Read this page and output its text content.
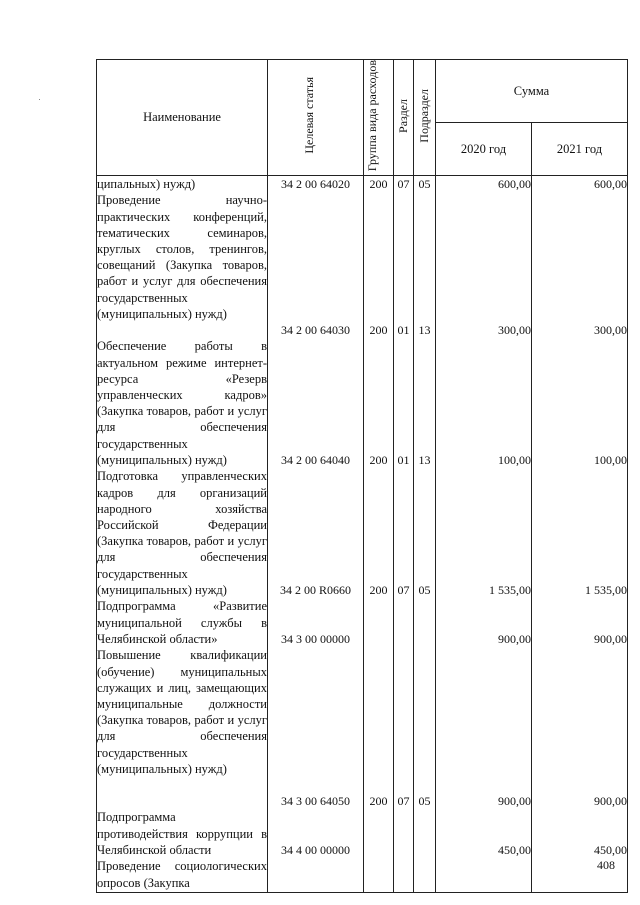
Наименование	Целевая статья	Группа вида расходов	Раздел	Подраздел	Сумма	
					2020 год	2021 год

ципальных) нужд)	34 2 00 64020	200	07	05	600,00	600,00

Проведение научно-практических конференций, тематических семинаров, круглых столов, тренингов, совещаний (Закупка товаров, работ и услуг для обеспечения государственных (муниципальных) нужд)	34 2 00 64030	200	01	13	300,00	300,00

Обеспечение работы в актуальном режиме интернет-ресурса «Резерв управленческих кадров» (Закупка товаров, работ и услуг для обеспечения государственных (муниципальных) нужд)	34 2 00 64040	200	01	13	100,00	100,00

Подготовка управленческих кадров для организаций народного хозяйства Российской Федерации (Закупка товаров, работ и услуг для обеспечения государственных (муниципальных) нужд)	34 2 00 R0660	200	07	05	1 535,00	1 535,00

Подпрограмма «Развитие муниципальной службы в Челябинской области»	34 3 00 00000				900,00	900,00

Повышение квалификации (обучение) муниципальных служащих и лиц, замещающих муниципальные должности (Закупка товаров, работ и услуг для обеспечения государственных (муниципальных) нужд)	34 3 00 64050	200	07	05	900,00	900,00

Подпрограмма противодействия коррупции в Челябинской области	34 4 00 00000				450,00	450,00

Проведение социологических опросов (Закупка						

408
